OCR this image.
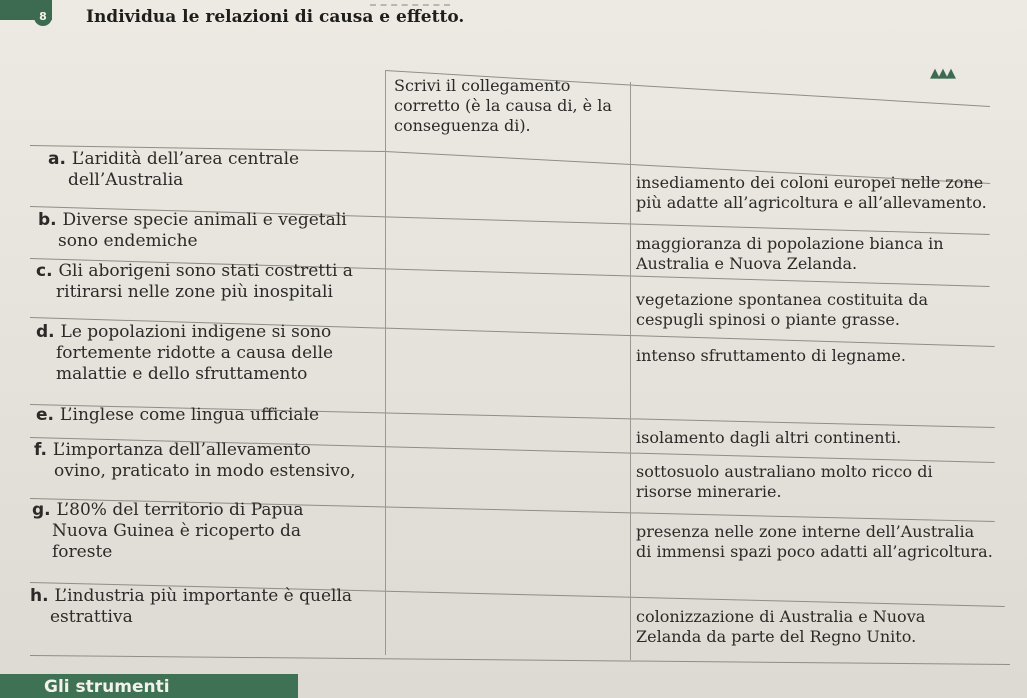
8	Individua le relazioni di causa e effetto.
▲▲▲
Scrivi il collegamento
corretto (è la causa di, è la
conseguenza di).
a. L’aridità dell’area centrale
dell’Australia
b. Diverse specie animali e vegetali
sono endemiche
c. Gli aborigeni sono stati costretti a
ritirarsi nelle zone più inospitali
d. Le popolazioni indigene si sono
fortemente ridotte a causa delle
malattie e dello sfruttamento
e. L’inglese come lingua ufficiale
f. L’importanza dell’allevamento
ovino, praticato in modo estensivo,
g. L’80% del territorio di Papua
Nuova Guinea è ricoperto da
foreste
h. L’industria più importante è quella
estrattiva
insediamento dei coloni europei nelle zone
più adatte all’agricoltura e all’allevamento.
maggioranza di popolazione bianca in
Australia e Nuova Zelanda.
vegetazione spontanea costituita da
cespugli spinosi o piante grasse.
intenso sfruttamento di legname.
isolamento dagli altri continenti.
sottosuolo australiano molto ricco di
risorse minerarie.
presenza nelle zone interne dell’Australia
di immensi spazi poco adatti all’agricoltura.
colonizzazione di Australia e Nuova
Zelanda da parte del Regno Unito.
Gli strumenti
